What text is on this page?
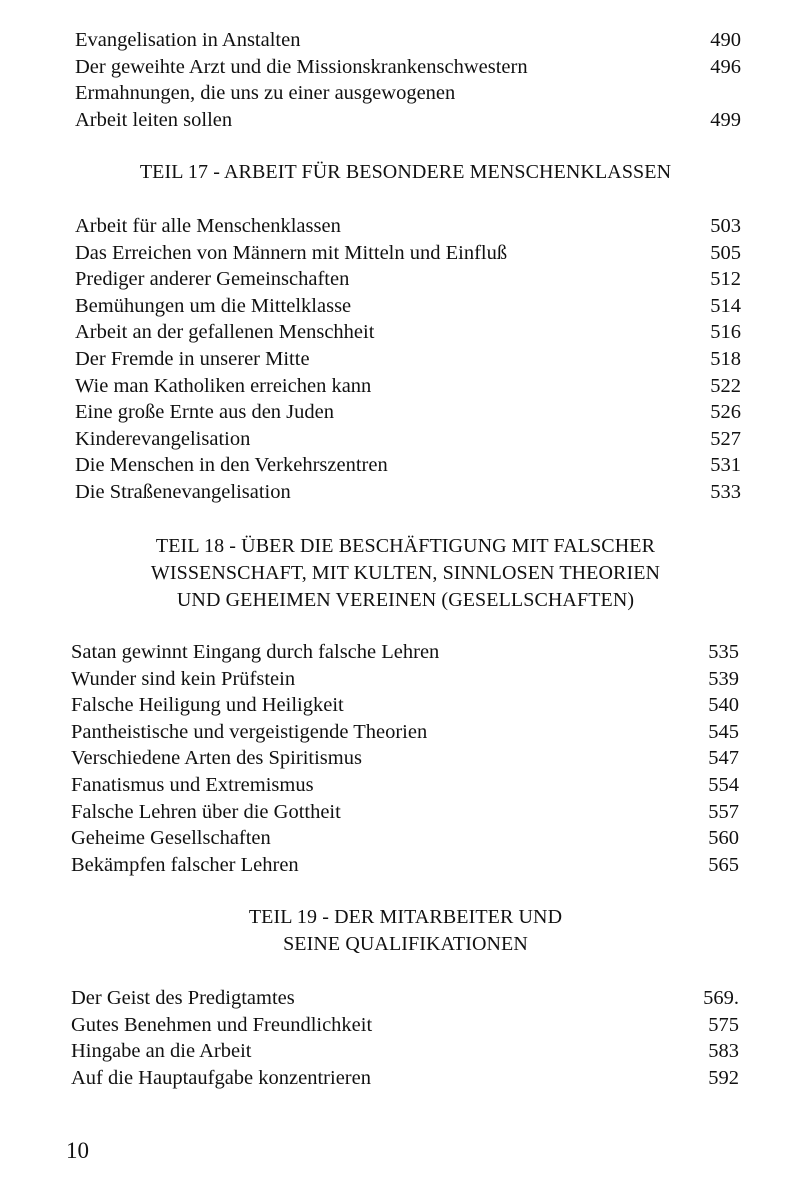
Evangelisation in Anstalten	490
Der geweihte Arzt und die Missionskrankenschwestern	496
Ermahnungen, die uns zu einer ausgewogenen
Arbeit leiten sollen	499
TEIL 17 - ARBEIT FÜR BESONDERE MENSCHENKLASSEN
Arbeit für alle Menschenklassen	503
Das Erreichen von Männern mit Mitteln und Einfluß	505
Prediger anderer Gemeinschaften	512
Bemühungen um die Mittelklasse	514
Arbeit an der gefallenen Menschheit	516
Der Fremde in unserer Mitte	518
Wie man Katholiken erreichen kann	522
Eine große Ernte aus den Juden	526
Kinderevangelisation	527
Die Menschen in den Verkehrszentren	531
Die Straßenevangelisation	533
TEIL 18 - ÜBER DIE BESCHÄFTIGUNG MIT FALSCHER
WISSENSCHAFT, MIT KULTEN, SINNLOSEN THEORIEN
UND GEHEIMEN VEREINEN (GESELLSCHAFTEN)
Satan gewinnt Eingang durch falsche Lehren	535
Wunder sind kein Prüfstein	539
Falsche Heiligung und Heiligkeit	540
Pantheistische und vergeistigende Theorien	545
Verschiedene Arten des Spiritismus	547
Fanatismus und Extremismus	554
Falsche Lehren über die Gottheit	557
Geheime Gesellschaften	560
Bekämpfen falscher Lehren	565
TEIL 19 - DER MITARBEITER UND
SEINE QUALIFIKATIONEN
Der Geist des Predigtamtes	569.
Gutes Benehmen und Freundlichkeit	575
Hingabe an die Arbeit	583
Auf die Hauptaufgabe konzentrieren	592
10
